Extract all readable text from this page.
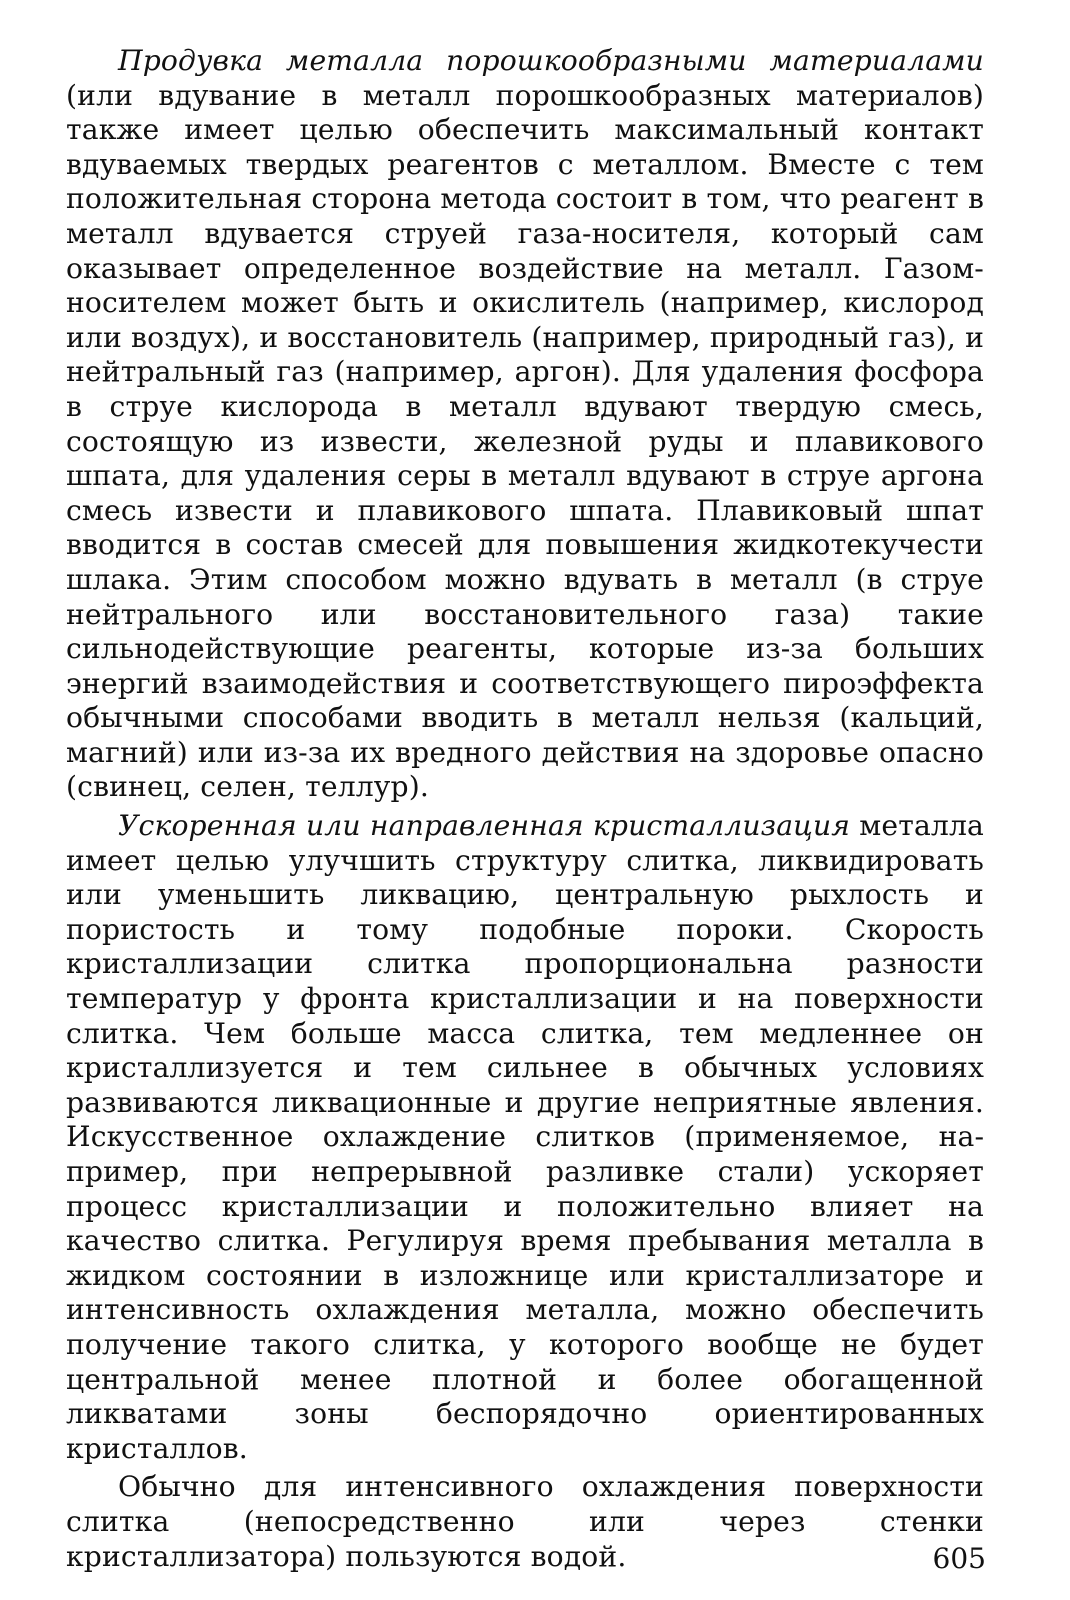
Продувка металла порошкообразными материалами (или вдувание в металл порошкообразных материалов) также имеет целью обеспечить максимальный контакт вдуваемых твердых реагентов с металлом. Вместе с тем положительная сторона метода состоит в том, что реагент в металл вдувается струей газа-носителя, который сам оказывает определенное воздействие на металл. Газом-носителем может быть и окислитель (например, кислород или воздух), и восстановитель (например, природный газ), и нейтральный газ (например, аргон). Для удаления фосфора в струе кислорода в металл вдувают твердую смесь, состоящую из извести, железной руды и плавикового шпата, для удаления серы в металл вдувают в струе аргона смесь извести и плавикового шпата. Плавиковый шпат вводится в состав смесей для повышения жидкотекучести шлака. Этим способом можно вдувать в металл (в струе нейтрального или восстановительного газа) такие сильнодействующие реагенты, которые из-за больших энергий взаимодействия и соответствующего пироэффекта обычными способами вводить в металл нельзя (кальций, магний) или из-за их вредного действия на здоровье опасно (свинец, селен, теллур).

Ускоренная или направленная кристаллизация металла имеет целью улучшить структуру слитка, ликвидировать или уменьшить ликвацию, центральную рыхлость и пористость и тому подобные пороки. Скорость кристаллизации слитка пропорциональна разности температур у фронта кристаллизации и на поверхности слитка. Чем больше масса слитка, тем медленнее он кристаллизуется и тем сильнее в обычных условиях развиваются ликвационные и другие неприятные явления. Искусственное охлаждение слитков (применяемое, например, при непрерывной разливке стали) ускоряет процесс кристаллизации и положительно влияет на качество слитка. Регулируя время пребывания металла в жидком состоянии в изложнице или кристаллизаторе и интенсивность охлаждения металла, можно обеспечить получение такого слитка, у которого вообще не будет центральной менее плотной и более обогащенной ликватами зоны беспорядочно ориентированных кристаллов.

Обычно для интенсивного охлаждения поверхности слитка (непосредственно или через стенки кристаллизатора) пользуются водой.	605
